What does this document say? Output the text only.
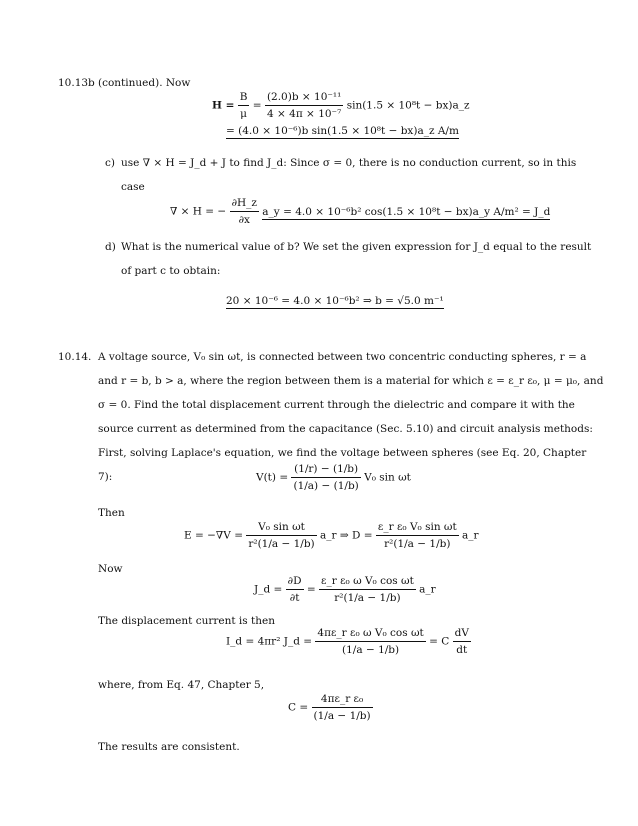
10.13b (continued). Now
$H = \frac{B}{\mu} = \frac{\text{(2.0)b × 10⁻¹¹}}{\text{4 × 4π × 10⁻⁷}} \sin(1.5 \times 10^8t$ − bx)a_z
= (4.0 × 10⁻⁶)b sin(1.5 × 10⁸t − bx)a_z A/m
c) use ∇ × H = J_d + J to find J_d: Since σ = 0, there is no conduction current, so in this
case
∇ × H = − $\frac{\partial H\_z}{\partial x}$ a_y = 4.0 × 10⁻⁶b² cos(1.5 × 10⁸t − bx)a_y A/m² = J_d
d) What is the numerical value of b? We set the given expression for J_d equal to the result
of part c to obtain:
20 × 10⁻⁶ = 4.0 × 10⁻⁶b² ⇒ b = √5.0 m⁻¹
10.14. A voltage source, V₀ sin ωt, is connected between two concentric conducting spheres, r = a
and r = b, b > a, where the region between them is a material for which ε = ε_r ε₀, μ = μ₀, and
σ = 0. Find the total displacement current through the dielectric and compare it with the
source current as determined from the capacitance (Sec. 5.10) and circuit analysis methods:
First, solving Laplace's equation, we find the voltage between spheres (see Eq. 20, Chapter
7):	$V(t) = \frac{(1/r) - (1/b)}{(1/a) - (1/b)} V_0$ sin ωt
Then
$E = -\nabla V = \frac{\text{V₀ sin ωt}}{\text{r²(1/a − 1/b)}}$ a_r ⇒ $D = \frac{\text{ε\_r ε₀ V₀ sin ωt}}{\text{r²(1/a − 1/b)}}$ a_r
Now
J_d = $\frac{\partial D}{\partial t} = \frac{\text{ε\_r ε₀ ω V₀ cos ωt}}{\text{r²(1/a − 1/b)}}$ a_r
The displacement current is then
I_d = 4πr² J_d = $\frac{\text{4πε\_r ε₀ ω V₀ cos ωt}}{(1/a - 1/b)} = C \frac{dV}{dt}$
where, from Eq. 47, Chapter 5,
$C = \frac{\text{4πε\_r ε₀}}{(1/a - 1/b)}$
The results are consistent.
